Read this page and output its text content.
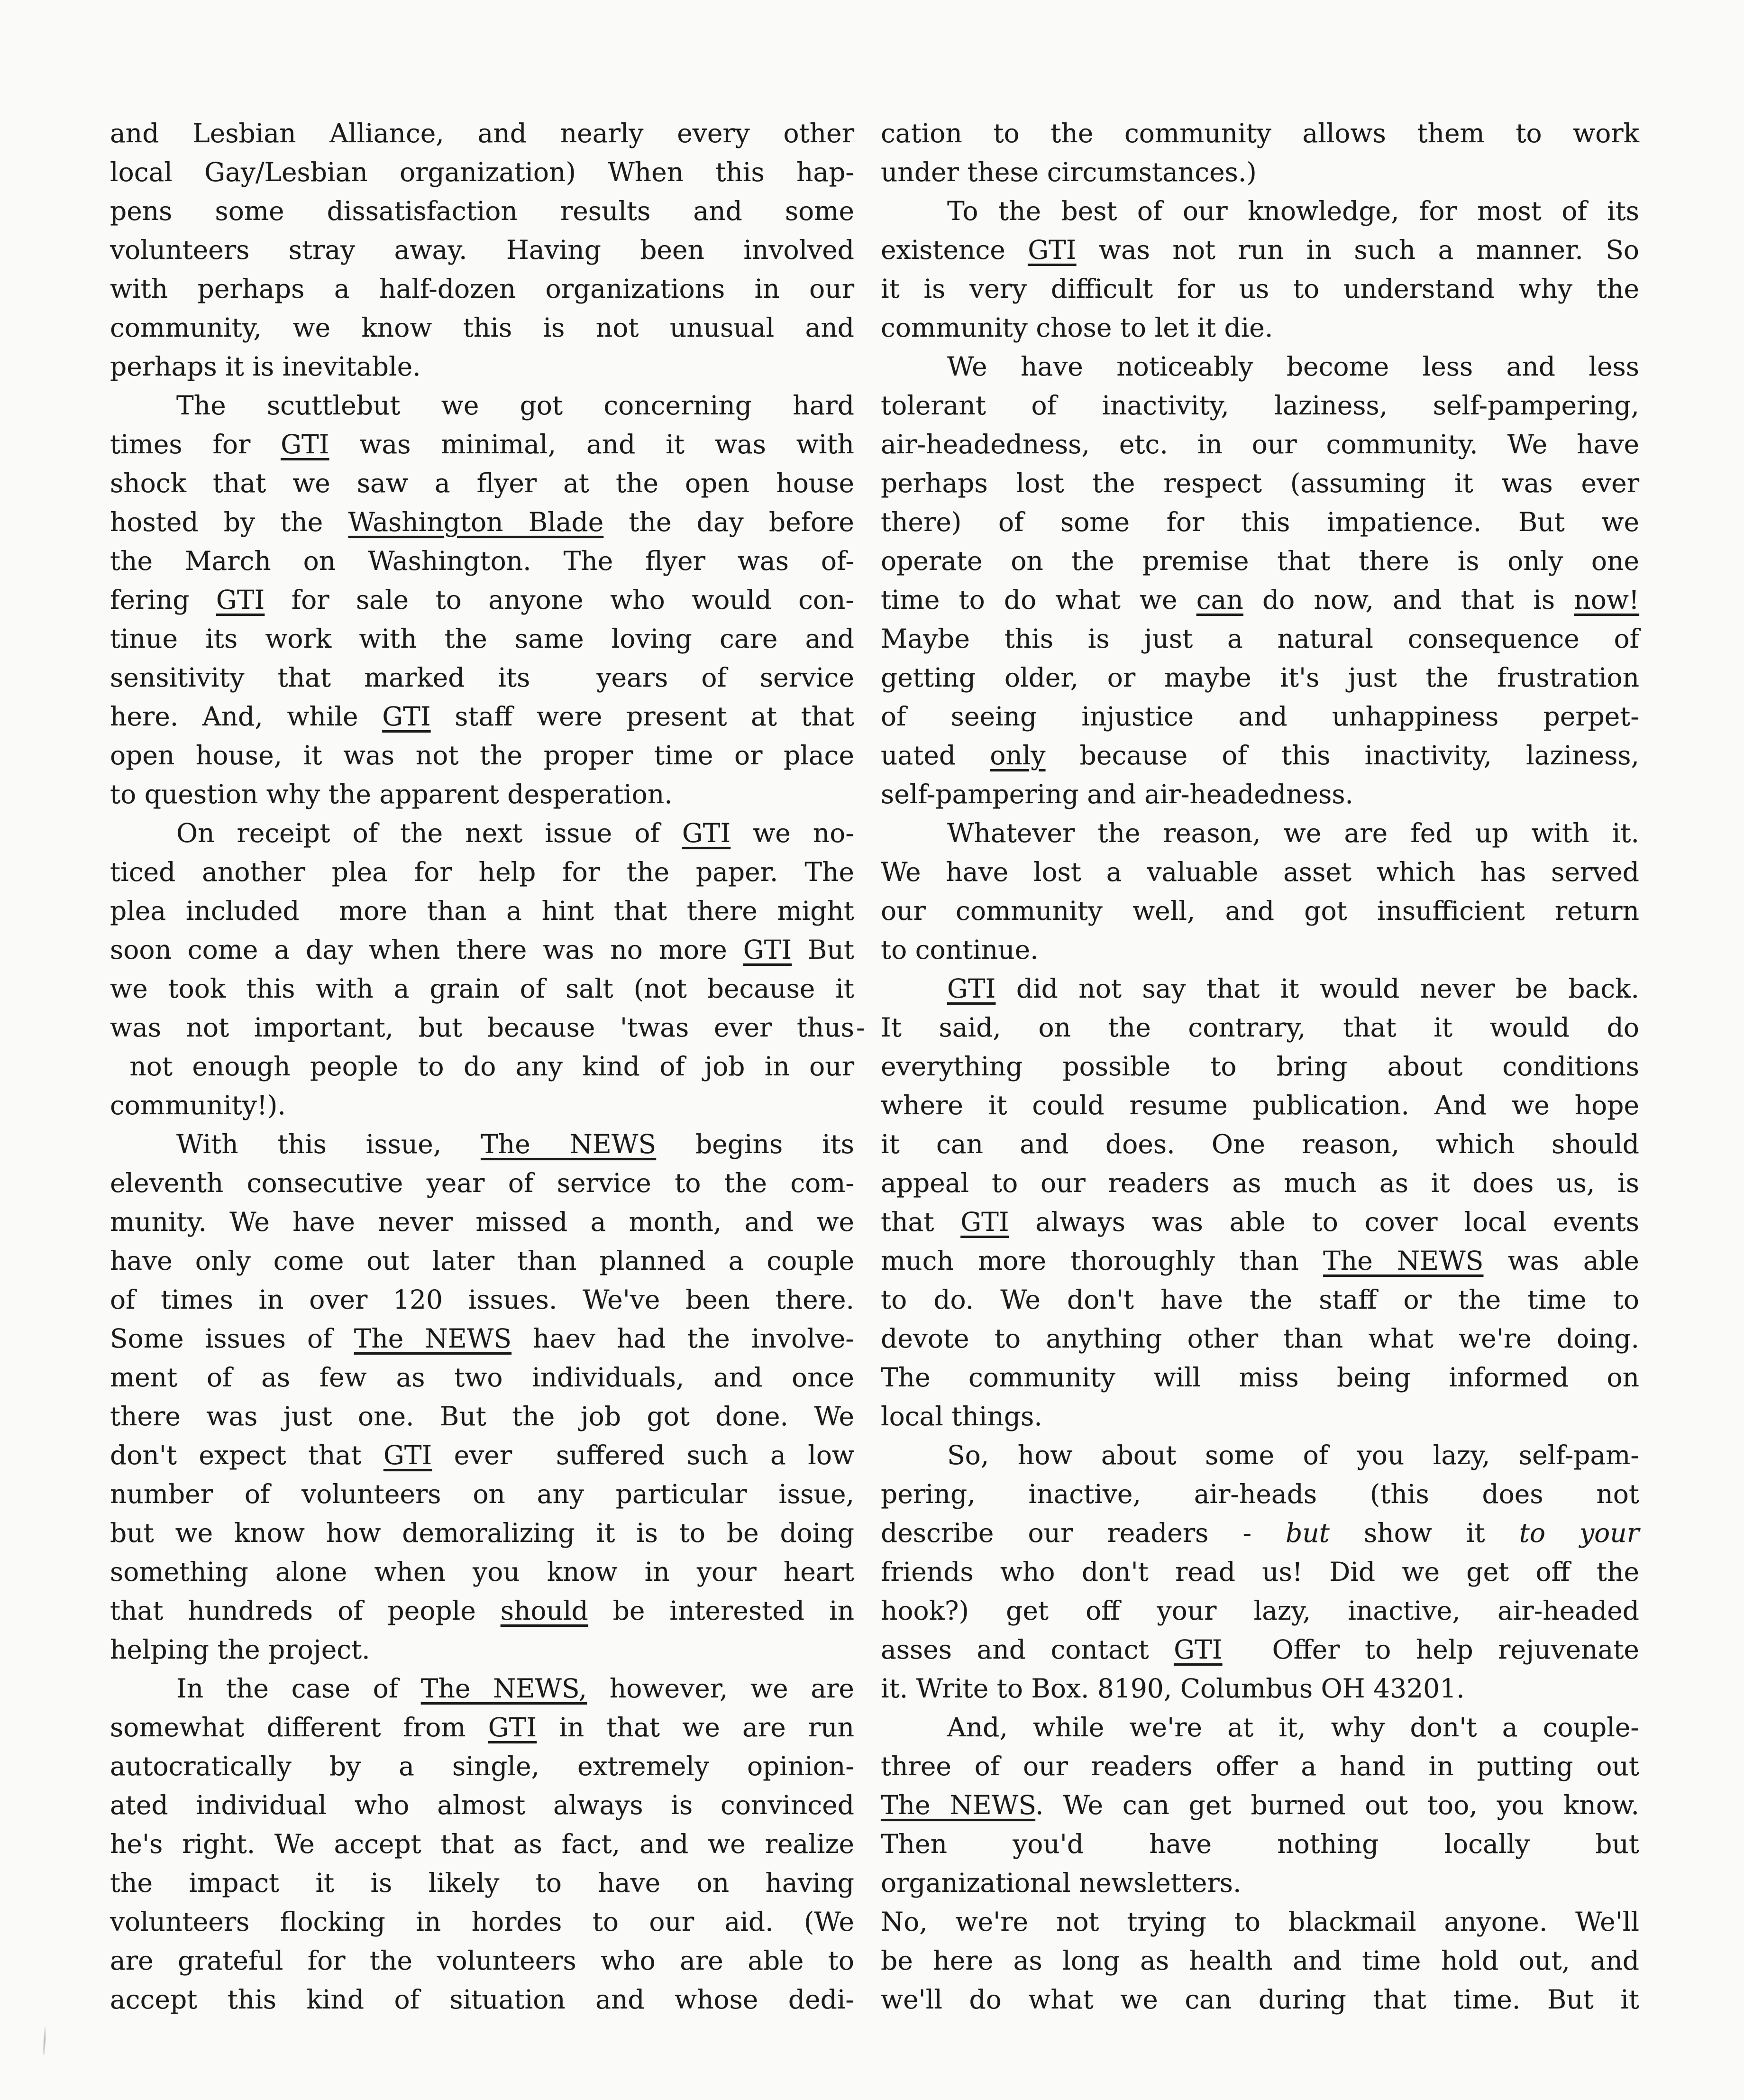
and Lesbian Alliance, and nearly every other
local Gay/Lesbian organization) When this hap-
pens some dissatisfaction results and some
volunteers stray away. Having been involved
with perhaps a half-dozen organizations in our
community, we know this is not unusual and
perhaps it is inevitable.
The scuttlebut we got concerning hard
times for GTI was minimal, and it was with
shock that we saw a flyer at the open house
hosted by the Washington Blade the day before
the March on Washington. The flyer was of-
fering GTI for sale to anyone who would con-
tinue its work with the same loving care and
sensitivity that marked its  years of service
here. And, while GTI staff were present at that
open house, it was not the proper time or place
to question why the apparent desperation.
On receipt of the next issue of GTI we no-
ticed another plea for help for the paper. The
plea included  more than a hint that there might
soon come a day when there was no more GTI But
we took this with a grain of salt (not because it
was not important, but because 'twas ever thus
not enough people to do any kind of job in our
community!).
With this issue, The NEWS begins its
eleventh consecutive year of service to the com-
munity. We have never missed a month, and we
have only come out later than planned a couple
of times in over 120 issues. We've been there.
Some issues of The NEWS haev had the involve-
ment of as few as two individuals, and once
there was just one. But the job got done. We
don't expect that GTI ever  suffered such a low
number of volunteers on any particular issue,
but we know how demoralizing it is to be doing
something alone when you know in your heart
that hundreds of people should be interested in
helping the project.
In the case of The NEWS, however, we are
somewhat different from GTI in that we are run
autocratically by a single, extremely opinion-
ated individual who almost always is convinced
he's right. We accept that as fact, and we realize
the impact it is likely to have on having
volunteers flocking in hordes to our aid. (We
are grateful for the volunteers who are able to
accept this kind of situation and whose dedi-
cation to the community allows them to work
under these circumstances.)
To the best of our knowledge, for most of its
existence GTI was not run in such a manner. So
it is very difficult for us to understand why the
community chose to let it die.
We have noticeably become less and less
tolerant of inactivity, laziness, self-pampering,
air-headedness, etc. in our community. We have
perhaps lost the respect (assuming it was ever
there) of some for this impatience. But we
operate on the premise that there is only one
time to do what we can do now, and that is now!
Maybe this is just a natural consequence of
getting older, or maybe it's just the frustration
of seeing injustice and unhappiness perpet-
uated only because of this inactivity, laziness,
self-pampering and air-headedness.
Whatever the reason, we are fed up with it.
We have lost a valuable asset which has served
our community well, and got insufficient return
to continue.
GTI did not say that it would never be back.
- It said, on the contrary, that it would do
everything possible to bring about conditions
where it could resume publication. And we hope
it can and does. One reason, which should
appeal to our readers as much as it does us, is
that GTI always was able to cover local events
much more thoroughly than The NEWS was able
to do. We don't have the staff or the time to
devote to anything other than what we're doing.
The community will miss being informed on
local things.
So, how about some of you lazy, self-pam-
pering, inactive, air-heads (this does not
describe our readers - but show it to your
friends who don't read us! Did we get off the
hook?) get off your lazy, inactive, air-headed
asses and contact GTI  Offer to help rejuvenate
it. Write to Box. 8190, Columbus OH 43201.
And, while we're at it, why don't a couple-
three of our readers offer a hand in putting out
The NEWS. We can get burned out too, you know.
Then you'd have nothing locally but
organizational newsletters.
No, we're not trying to blackmail anyone. We'll
be here as long as health and time hold out, and
we'll do what we can during that time. But it
